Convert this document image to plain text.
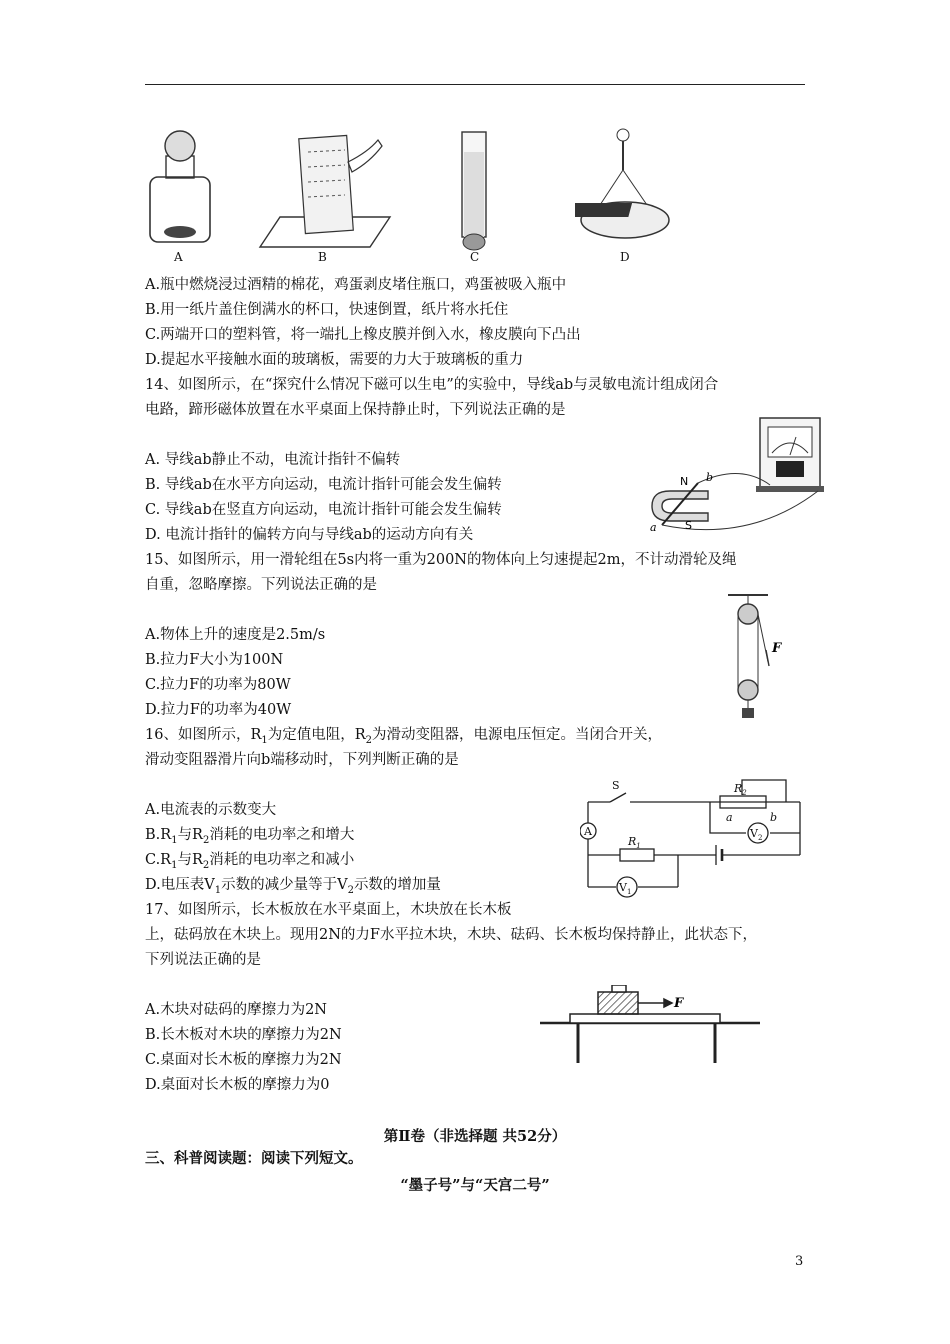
A	B	C	D
A.瓶中燃烧浸过酒精的棉花，鸡蛋剥皮堵住瓶口，鸡蛋被吸入瓶中
B.用一纸片盖住倒满水的杯口，快速倒置，纸片将水托住
C.两端开口的塑料管，将一端扎上橡皮膜并倒入水，橡皮膜向下凸出
D.提起水平接触水面的玻璃板，需要的力大于玻璃板的重力
14、如图所示，在“探究什么情况下磁可以生电”的实验中，导线ab与灵敏电流计组成闭合
电路，蹄形磁体放置在水平桌面上保持静止时，下列说法正确的是
A. 导线ab静止不动，电流计指针不偏转
B. 导线ab在水平方向运动，电流计指针可能会发生偏转
C. 导线ab在竖直方向运动，电流计指针可能会发生偏转
D. 电流计指针的偏转方向与导线ab的运动方向有关
N
S
a
b
15、如图所示，用一滑轮组在5s内将一重为200N的物体向上匀速提起2m，不计动滑轮及绳
自重，忽略摩擦。下列说法正确的是
A.物体上升的速度是2.5m/s
B.拉力F大小为100N
C.拉力F的功率为80W
D.拉力F的功率为40W
F
16、如图所示，$R_1$为定值电阻，$R_2$为滑动变阻器，电源电压恒定。当闭合开关，
滑动变阻器滑片向b端移动时，下列判断正确的是
A.电流表的示数变大
$B.R_1$与$R_2$消耗的电功率之和增大
$C.R_1$与$R_2$消耗的电功率之和减小
D.电压表$V_1$示数的减少量等于$V_2$示数的增加量
A	$V_2$
$V_1$
S
$R_1$
$R_2$
a	b
17、如图所示，长木板放在水平桌面上，木块放在长木板
上，砝码放在木块上。现用2N的力F水平拉木块，木块、砝码、长木板均保持静止，此状态下，
下列说法正确的是
A.木块对砝码的摩擦力为2N
B.长木板对木块的摩擦力为2N
C.桌面对长木板的摩擦力为2N
D.桌面对长木板的摩擦力为0
F
第Ⅱ卷（非选择题 共52分）
三、科普阅读题：阅读下列短文。
“墨子号”与“天宫二号”
3
